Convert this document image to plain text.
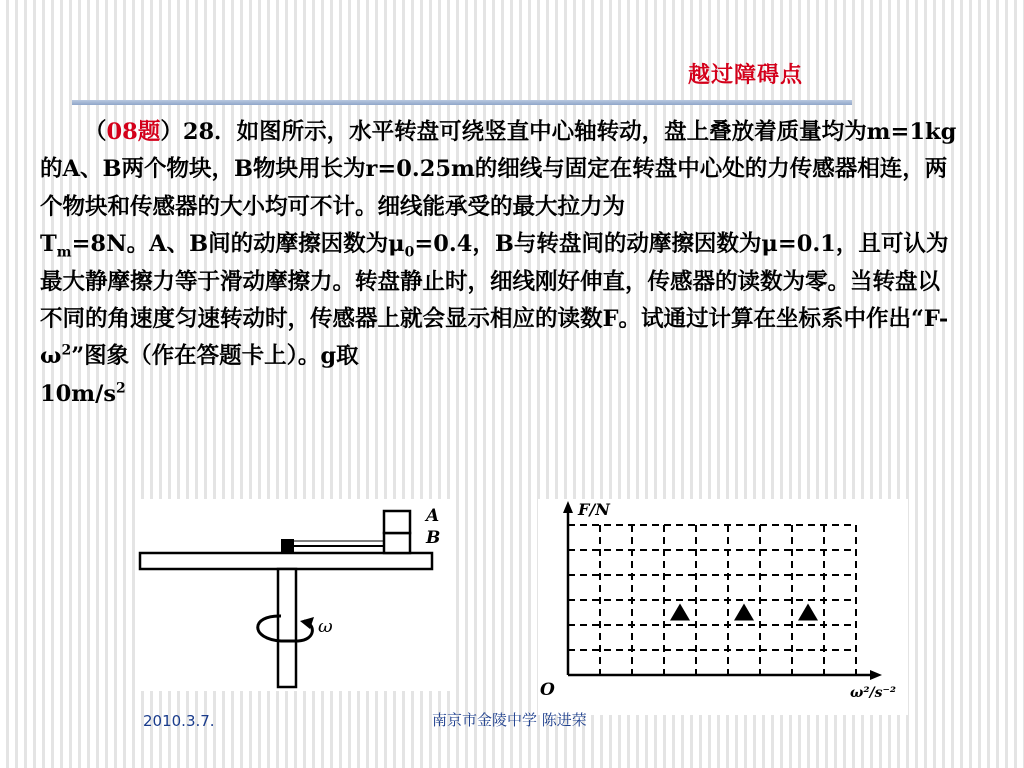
越过障碍点
（08题）28．如图所示，水平转盘可绕竖直中心轴转动，盘上叠放着质量均为m=1kg的A、B两个物块，B物块用长为r=0.25m的细线与固定在转盘中心处的力传感器相连，两个物块和传感器的大小均可不计。细线能承受的最大拉力为
$T_m=8N$。A、B间的动摩擦因数为$\mu_0=0.4$，B与转盘间的动摩擦因数为μ=0.1，且可认为最大静摩擦力等于滑动摩擦力。转盘静止时，细线刚好伸直，传感器的读数为零。当转盘以不同的角速度匀速转动时，传感器上就会显示相应的读数F。试通过计算在坐标系中作出“$F-\omega^2$”图象（作在答题卡上）。g取
$10m/s^2$
A
B
ω
F/N
O	ω²/s⁻²
2010.3.7.	南京市金陵中学 陈进荣
